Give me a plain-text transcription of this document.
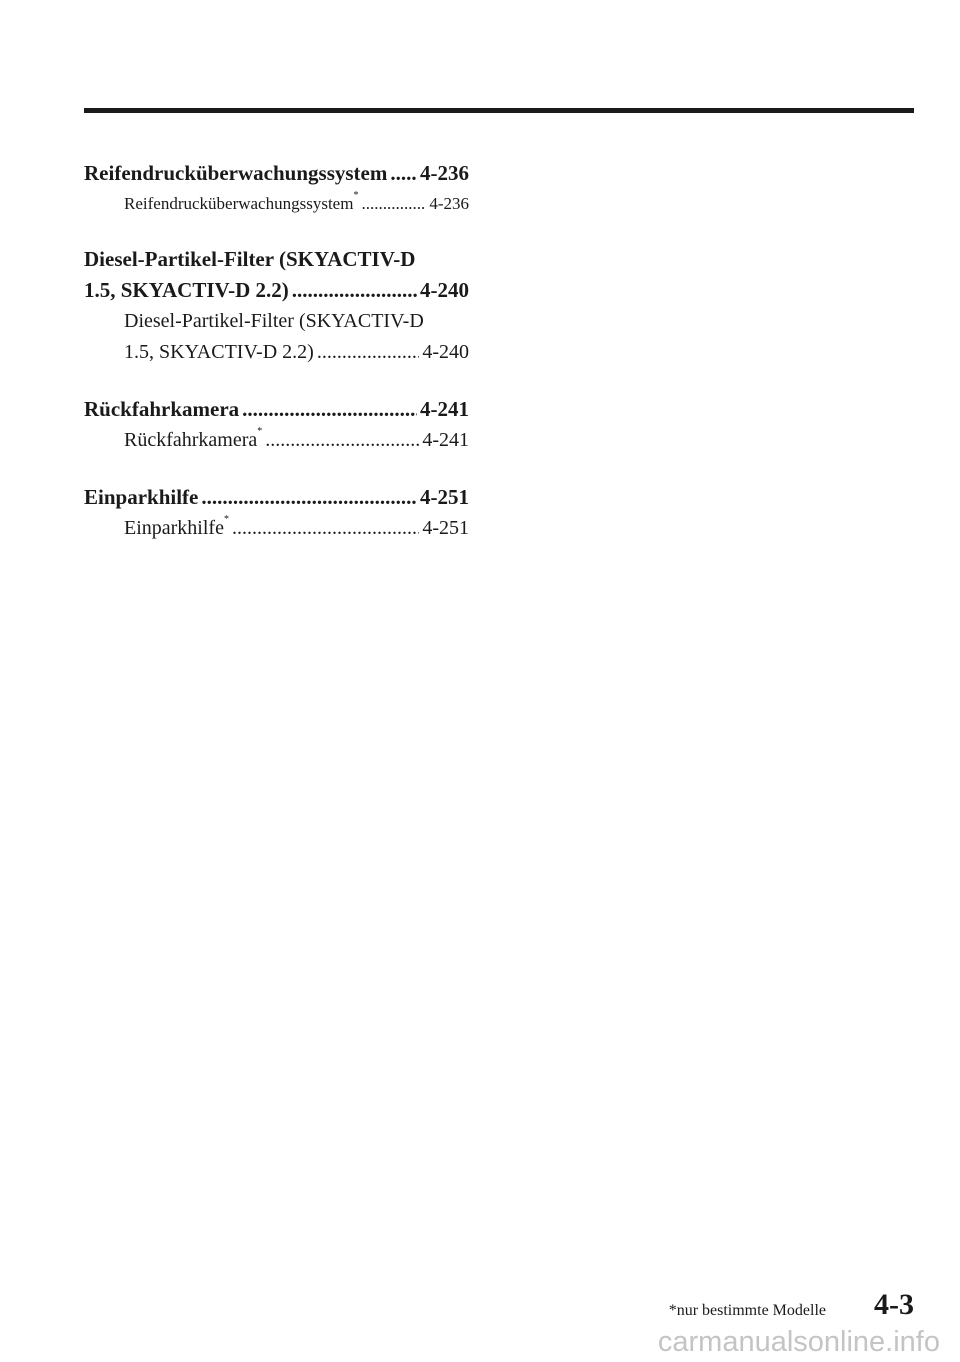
Reifendrucküberwachungssystem ..... 4-236
Reifendrucküberwachungssystem* .....	4-236
Diesel-Partikel-Filter (SKYACTIV-D
1.5, SKYACTIV-D 2.2) .....	4-240
Diesel-Partikel-Filter (SKYACTIV-D
1.5, SKYACTIV-D 2.2) .....	4-240
Rückfahrkamera .....	4-241
Rückfahrkamera* .....	4-241
Einparkhilfe .....	4-251
Einparkhilfe* .....	4-251
*nur bestimmte Modelle 4-3
carmanualsonline.info
